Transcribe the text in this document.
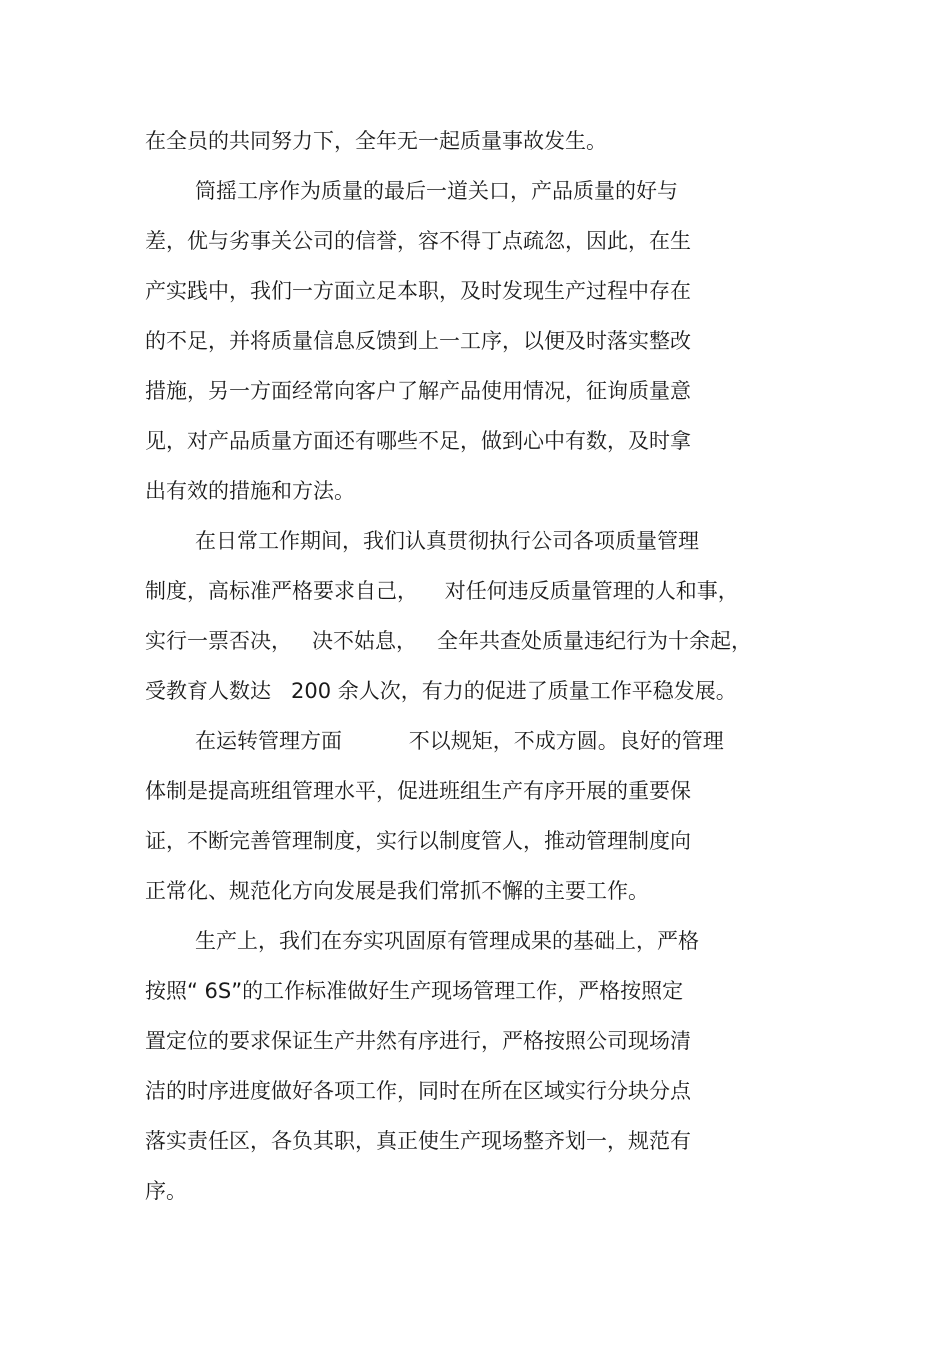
在全员的共同努力下，全年无一起质量事故发生。
筒摇工序作为质量的最后一道关口，产品质量的好与
差，优与劣事关公司的信誉，容不得丁点疏忽，因此，在生
产实践中，我们一方面立足本职，及时发现生产过程中存在
的不足，并将质量信息反馈到上一工序，以便及时落实整改
措施，另一方面经常向客户了解产品使用情况，征询质量意
见，对产品质量方面还有哪些不足，做到心中有数，及时拿
出有效的措施和方法。
在日常工作期间，我们认真贯彻执行公司各项质量管理
制度，高标准严格要求自己，    对任何违反质量管理的人和事，
实行一票否决，   决不姑息，   全年共查处质量违纪行为十余起，
受教育人数达   200 余人次，有力的促进了质量工作平稳发展。
在运转管理方面          不以规矩，不成方圆。良好的管理
体制是提高班组管理水平，促进班组生产有序开展的重要保
证，不断完善管理制度，实行以制度管人，推动管理制度向
正常化、规范化方向发展是我们常抓不懈的主要工作。
生产上，我们在夯实巩固原有管理成果的基础上，严格
按照“ 6S”的工作标准做好生产现场管理工作，严格按照定
置定位的要求保证生产井然有序进行，严格按照公司现场清
洁的时序进度做好各项工作，同时在所在区域实行分块分点
落实责任区，各负其职，真正使生产现场整齐划一，规范有
序。
